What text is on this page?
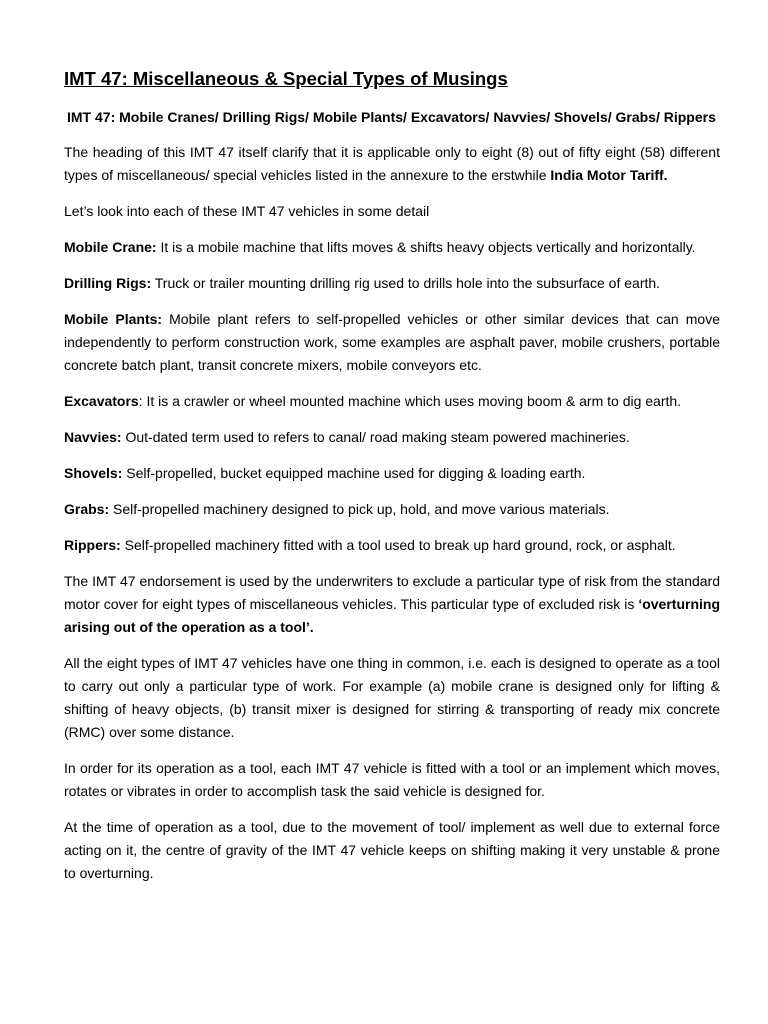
IMT 47: Miscellaneous & Special Types of Musings

IMT 47: Mobile Cranes/ Drilling Rigs/ Mobile Plants/ Excavators/ Navvies/ Shovels/ Grabs/ Rippers

The heading of this IMT 47 itself clarify that it is applicable only to eight (8) out of fifty eight (58) different types of miscellaneous/ special vehicles listed in the annexure to the erstwhile India Motor Tariff.

Let’s look into each of these IMT 47 vehicles in some detail

Mobile Crane: It is a mobile machine that lifts moves & shifts heavy objects vertically and horizontally.

Drilling Rigs: Truck or trailer mounting drilling rig used to drills hole into the subsurface of earth.

Mobile Plants: Mobile plant refers to self-propelled vehicles or other similar devices that can move independently to perform construction work, some examples are asphalt paver, mobile crushers, portable concrete batch plant, transit concrete mixers, mobile conveyors etc.

Excavators: It is a crawler or wheel mounted machine which uses moving boom & arm to dig earth.

Navvies: Out-dated term used to refers to canal/ road making steam powered machineries.

Shovels: Self-propelled, bucket equipped machine used for digging & loading earth.

Grabs: Self-propelled machinery designed to pick up, hold, and move various materials.

Rippers: Self-propelled machinery fitted with a tool used to break up hard ground, rock, or asphalt.

The IMT 47 endorsement is used by the underwriters to exclude a particular type of risk from the standard motor cover for eight types of miscellaneous vehicles. This particular type of excluded risk is ‘overturning arising out of the operation as a tool’.

All the eight types of IMT 47 vehicles have one thing in common, i.e. each is designed to operate as a tool to carry out only a particular type of work. For example (a) mobile crane is designed only for lifting & shifting of heavy objects, (b) transit mixer is designed for stirring & transporting of ready mix concrete (RMC) over some distance.

In order for its operation as a tool, each IMT 47 vehicle is fitted with a tool or an implement which moves, rotates or vibrates in order to accomplish task the said vehicle is designed for.

At the time of operation as a tool, due to the movement of tool/ implement as well due to external force acting on it, the centre of gravity of the IMT 47 vehicle keeps on shifting making it very unstable & prone to overturning.
